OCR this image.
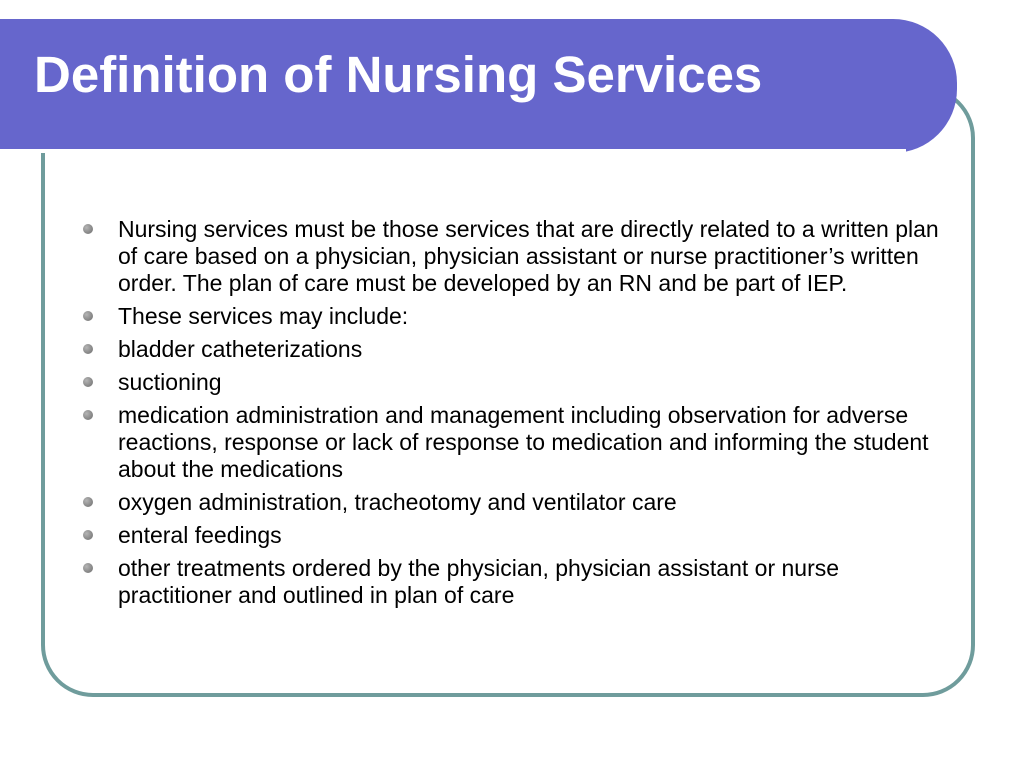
Definition of Nursing Services
Nursing services must be those services that are directly related to a written plan of care based on a physician, physician assistant or nurse practitioner’s written order. The plan of care must be developed by an RN and be part of IEP.
These services may include:
bladder catheterizations
suctioning
medication administration and management including observation for adverse reactions, response or lack of response to medication and informing the student about the medications
oxygen administration, tracheotomy and ventilator care
enteral feedings
other treatments ordered by the physician, physician assistant or nurse practitioner and outlined in plan of care
